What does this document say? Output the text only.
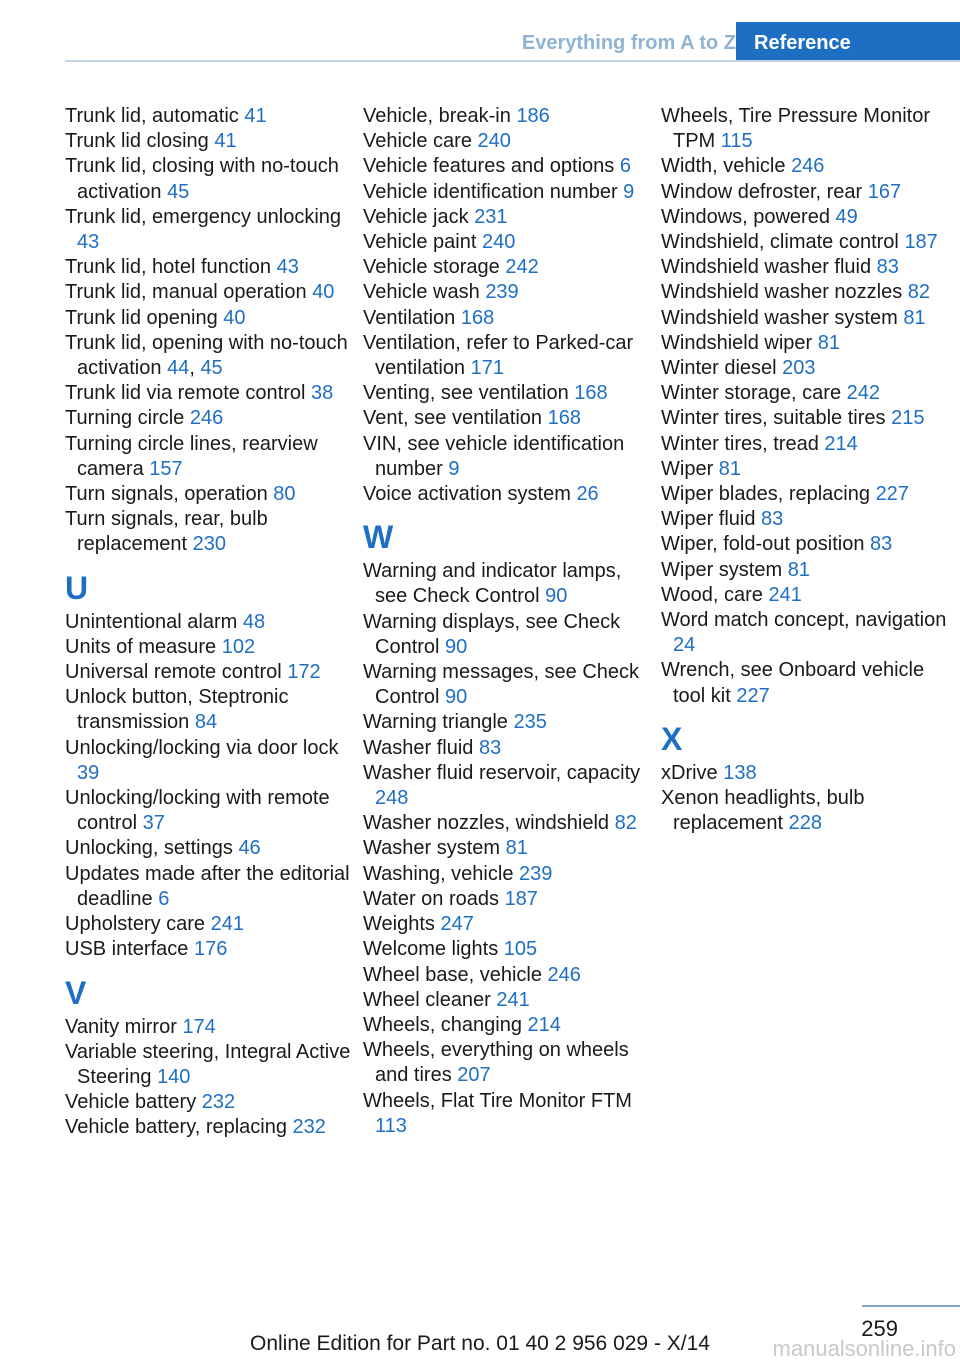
Everything from A to Z Reference
Trunk lid, automatic 41
Trunk lid closing 41
Trunk lid, closing with no-touch activation 45
Trunk lid, emergency unlocking 43
Trunk lid, hotel function 43
Trunk lid, manual operation 40
Trunk lid opening 40
Trunk lid, opening with no-touch activation 44, 45
Trunk lid via remote control 38
Turning circle 246
Turning circle lines, rearview camera 157
Turn signals, operation 80
Turn signals, rear, bulb replacement 230
U
Unintentional alarm 48
Units of measure 102
Universal remote control 172
Unlock button, Steptronic transmission 84
Unlocking/locking via door lock 39
Unlocking/locking with remote control 37
Unlocking, settings 46
Updates made after the editorial deadline 6
Upholstery care 241
USB interface 176
V
Vanity mirror 174
Variable steering, Integral Active Steering 140
Vehicle battery 232
Vehicle battery, replacing 232
Vehicle, break-in 186
Vehicle care 240
Vehicle features and options 6
Vehicle identification number 9
Vehicle jack 231
Vehicle paint 240
Vehicle storage 242
Vehicle wash 239
Ventilation 168
Ventilation, refer to Parked-car ventilation 171
Venting, see ventilation 168
Vent, see ventilation 168
VIN, see vehicle identification number 9
Voice activation system 26
W
Warning and indicator lamps, see Check Control 90
Warning displays, see Check Control 90
Warning messages, see Check Control 90
Warning triangle 235
Washer fluid 83
Washer fluid reservoir, capacity 248
Washer nozzles, windshield 82
Washer system 81
Washing, vehicle 239
Water on roads 187
Weights 247
Welcome lights 105
Wheel base, vehicle 246
Wheel cleaner 241
Wheels, changing 214
Wheels, everything on wheels and tires 207
Wheels, Flat Tire Monitor FTM 113
Wheels, Tire Pressure Monitor TPM 115
Width, vehicle 246
Window defroster, rear 167
Windows, powered 49
Windshield, climate control 187
Windshield washer fluid 83
Windshield washer nozzles 82
Windshield washer system 81
Windshield wiper 81
Winter diesel 203
Winter storage, care 242
Winter tires, suitable tires 215
Winter tires, tread 214
Wiper 81
Wiper blades, replacing 227
Wiper fluid 83
Wiper, fold-out position 83
Wiper system 81
Wood, care 241
Word match concept, navigation 24
Wrench, see Onboard vehicle tool kit 227
X
xDrive 138
Xenon headlights, bulb replacement 228
259
Online Edition for Part no. 01 40 2 956 029 - X/14	manualsonline.info
